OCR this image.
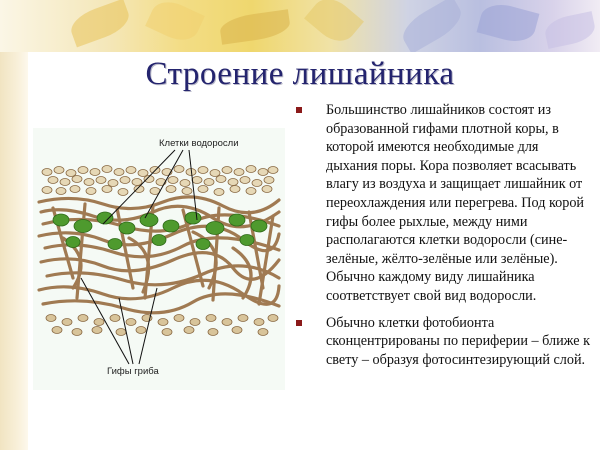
Строение лишайника
Клетки водоросли
Гифы гриба
Большинство лишайников состоят из образованной гифами плотной коры, в которой имеются необходимые для дыхания поры. Кора позволяет всасывать влагу из воздуха и защищает лишайник от переохлаждения или перегрева. Под корой гифы более рыхлые, между ними располагаются клетки водоросли (сине-зелёные, жёлто-зелёные или зелёные). Обычно каждому виду лишайника соответствует свой вид водоросли.
Обычно клетки фотобионта сконцентрированы по периферии – ближе к свету – образуя фотосинтезирующий слой.
